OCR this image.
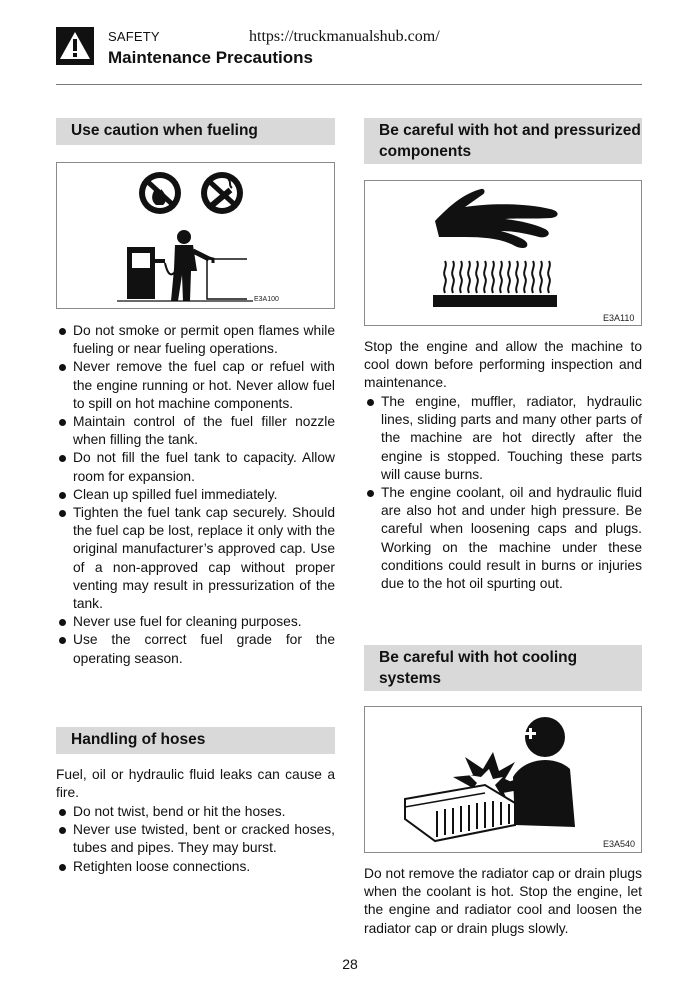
SAFETY	https://truckmanualshub.com/
Maintenance Precautions
Use caution when fueling
E3A100
Do not smoke or permit open flames while fueling or near fueling operations.
Never remove the fuel cap or refuel with the engine running or hot. Never allow fuel to spill on hot machine components.
Maintain control of the fuel filler nozzle when filling the tank.
Do not fill the fuel tank to capacity. Allow room for expansion.
Clean up spilled fuel immediately.
Tighten the fuel tank cap securely. Should the fuel cap be lost, replace it only with the original manufacturer’s approved cap. Use of a non-approved cap without proper venting may result in pressurization of the tank.
Never use fuel for cleaning purposes.
Use the correct fuel grade for the operating season.
Handling of hoses

Fuel, oil or hydraulic fluid leaks can cause a fire.

Do not twist, bend or hit the hoses.
Never use twisted, bent or cracked hoses, tubes and pipes. They may burst.
Retighten loose connections.
Be careful with hot and pressurized components
E3A110

Stop the engine and allow the machine to cool down before performing inspection and maintenance.

The engine, muffler, radiator, hydraulic lines, sliding parts and many other parts of the machine are hot directly after the engine is stopped. Touching these parts will cause burns.
The engine coolant, oil and hydraulic fluid are also hot and under high pressure. Be careful when loosening caps and plugs. Working on the machine under these conditions could result in burns or injuries due to the hot oil spurting out.
Be careful with hot cooling systems
E3A540

Do not remove the radiator cap or drain plugs when the coolant is hot. Stop the engine, let the engine and radiator cool and loosen the radiator cap or drain plugs slowly.

28
